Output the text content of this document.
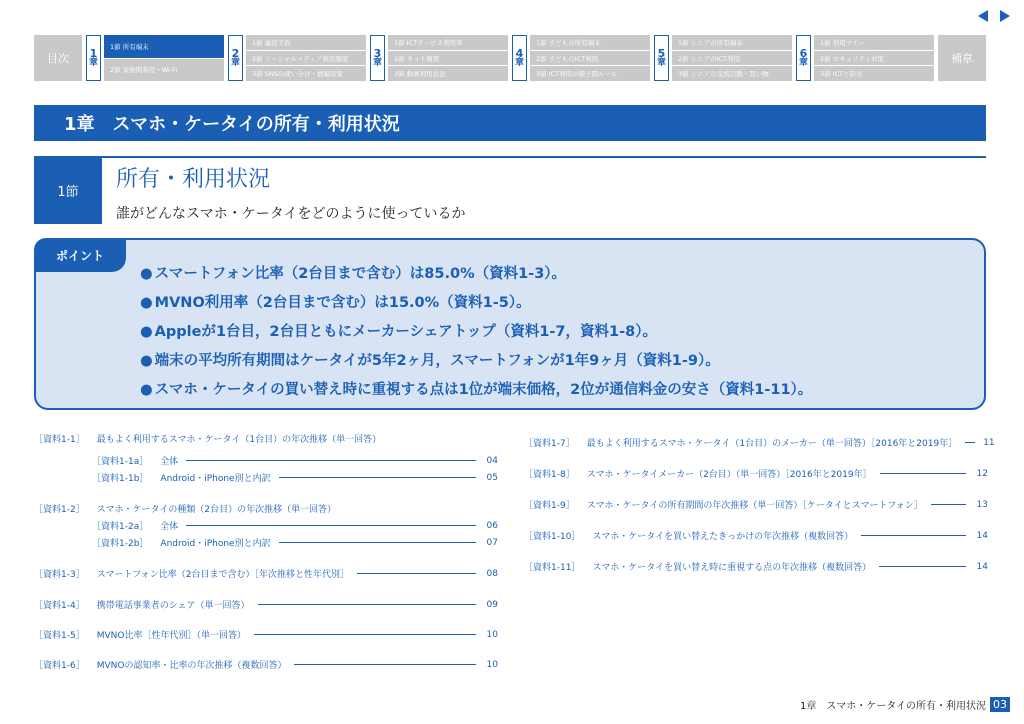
目次	1
章
1節 所有端末
2節 家族間利用・Wi-Fi
2
章
1節 連絡手段
2節 ソーシャルメディア利用頻度
3節 SNSの使い分け・情報収集
3
章
1節 ICTサービス利用率
2節 ネット購買
3節 動画利用状況
4
章
1節 子どもの所有端末
2節 子どものICT利用
3節 ICT利用の親子間ルール
5
章
1節 シニアの所有端末
2節 シニアのICT利用
3節 シニアの交流活動・買い物
6
章
1節 利用マナー
2節 セキュリティ対策
3節 ICTと防災
補章
1章　スマホ・ケータイの所有・利用状況
1節	所有・利用状況
誰がどんなスマホ・ケータイをどのように使っているか
ポイント
● スマートフォン比率（2台目まで含む）は85.0%（資料1-3）。
● MVNO利用率（2台目まで含む）は15.0%（資料1-5）。
● Appleが1台目，2台目ともにメーカーシェアトップ（資料1-7，資料1-8）。
● 端末の平均所有期間はケータイが5年2ヶ月，スマートフォンが1年9ヶ月（資料1-9）。
● スマホ・ケータイの買い替え時に重視する点は1位が端末価格，2位が通信料金の安さ（資料1-11）。
［資料1-1］ 最もよく利用するスマホ・ケータイ（1台目）の年次推移（単一回答）
［資料1-1a］ 全体	04
［資料1-1b］ Android・iPhone別と内訳	05
［資料1-2］ スマホ・ケータイの種類（2台目）の年次推移（単一回答）
［資料1-2a］ 全体	06
［資料1-2b］ Android・iPhone別と内訳	07
［資料1-3］ スマートフォン比率（2台目まで含む）［年次推移と性年代別］	08
［資料1-4］ 携帯電話事業者のシェア（単一回答）	09
［資料1-5］ MVNO比率［性年代別］（単一回答）	10
［資料1-6］ MVNOの認知率・比率の年次推移（複数回答）	10
［資料1-7］ 最もよく利用するスマホ・ケータイ（1台目）のメーカー（単一回答）［2016年と2019年］	11
［資料1-8］ スマホ・ケータイメーカー（2台目）（単一回答）［2016年と2019年］	12
［資料1-9］ スマホ・ケータイの所有期間の年次推移（単一回答）［ケータイとスマートフォン］	13
［資料1-10］ スマホ・ケータイを買い替えたきっかけの年次推移（複数回答）	14
［資料1-11］ スマホ・ケータイを買い替え時に重視する点の年次推移（複数回答）	14
1章　スマホ・ケータイの所有・利用状況 03
